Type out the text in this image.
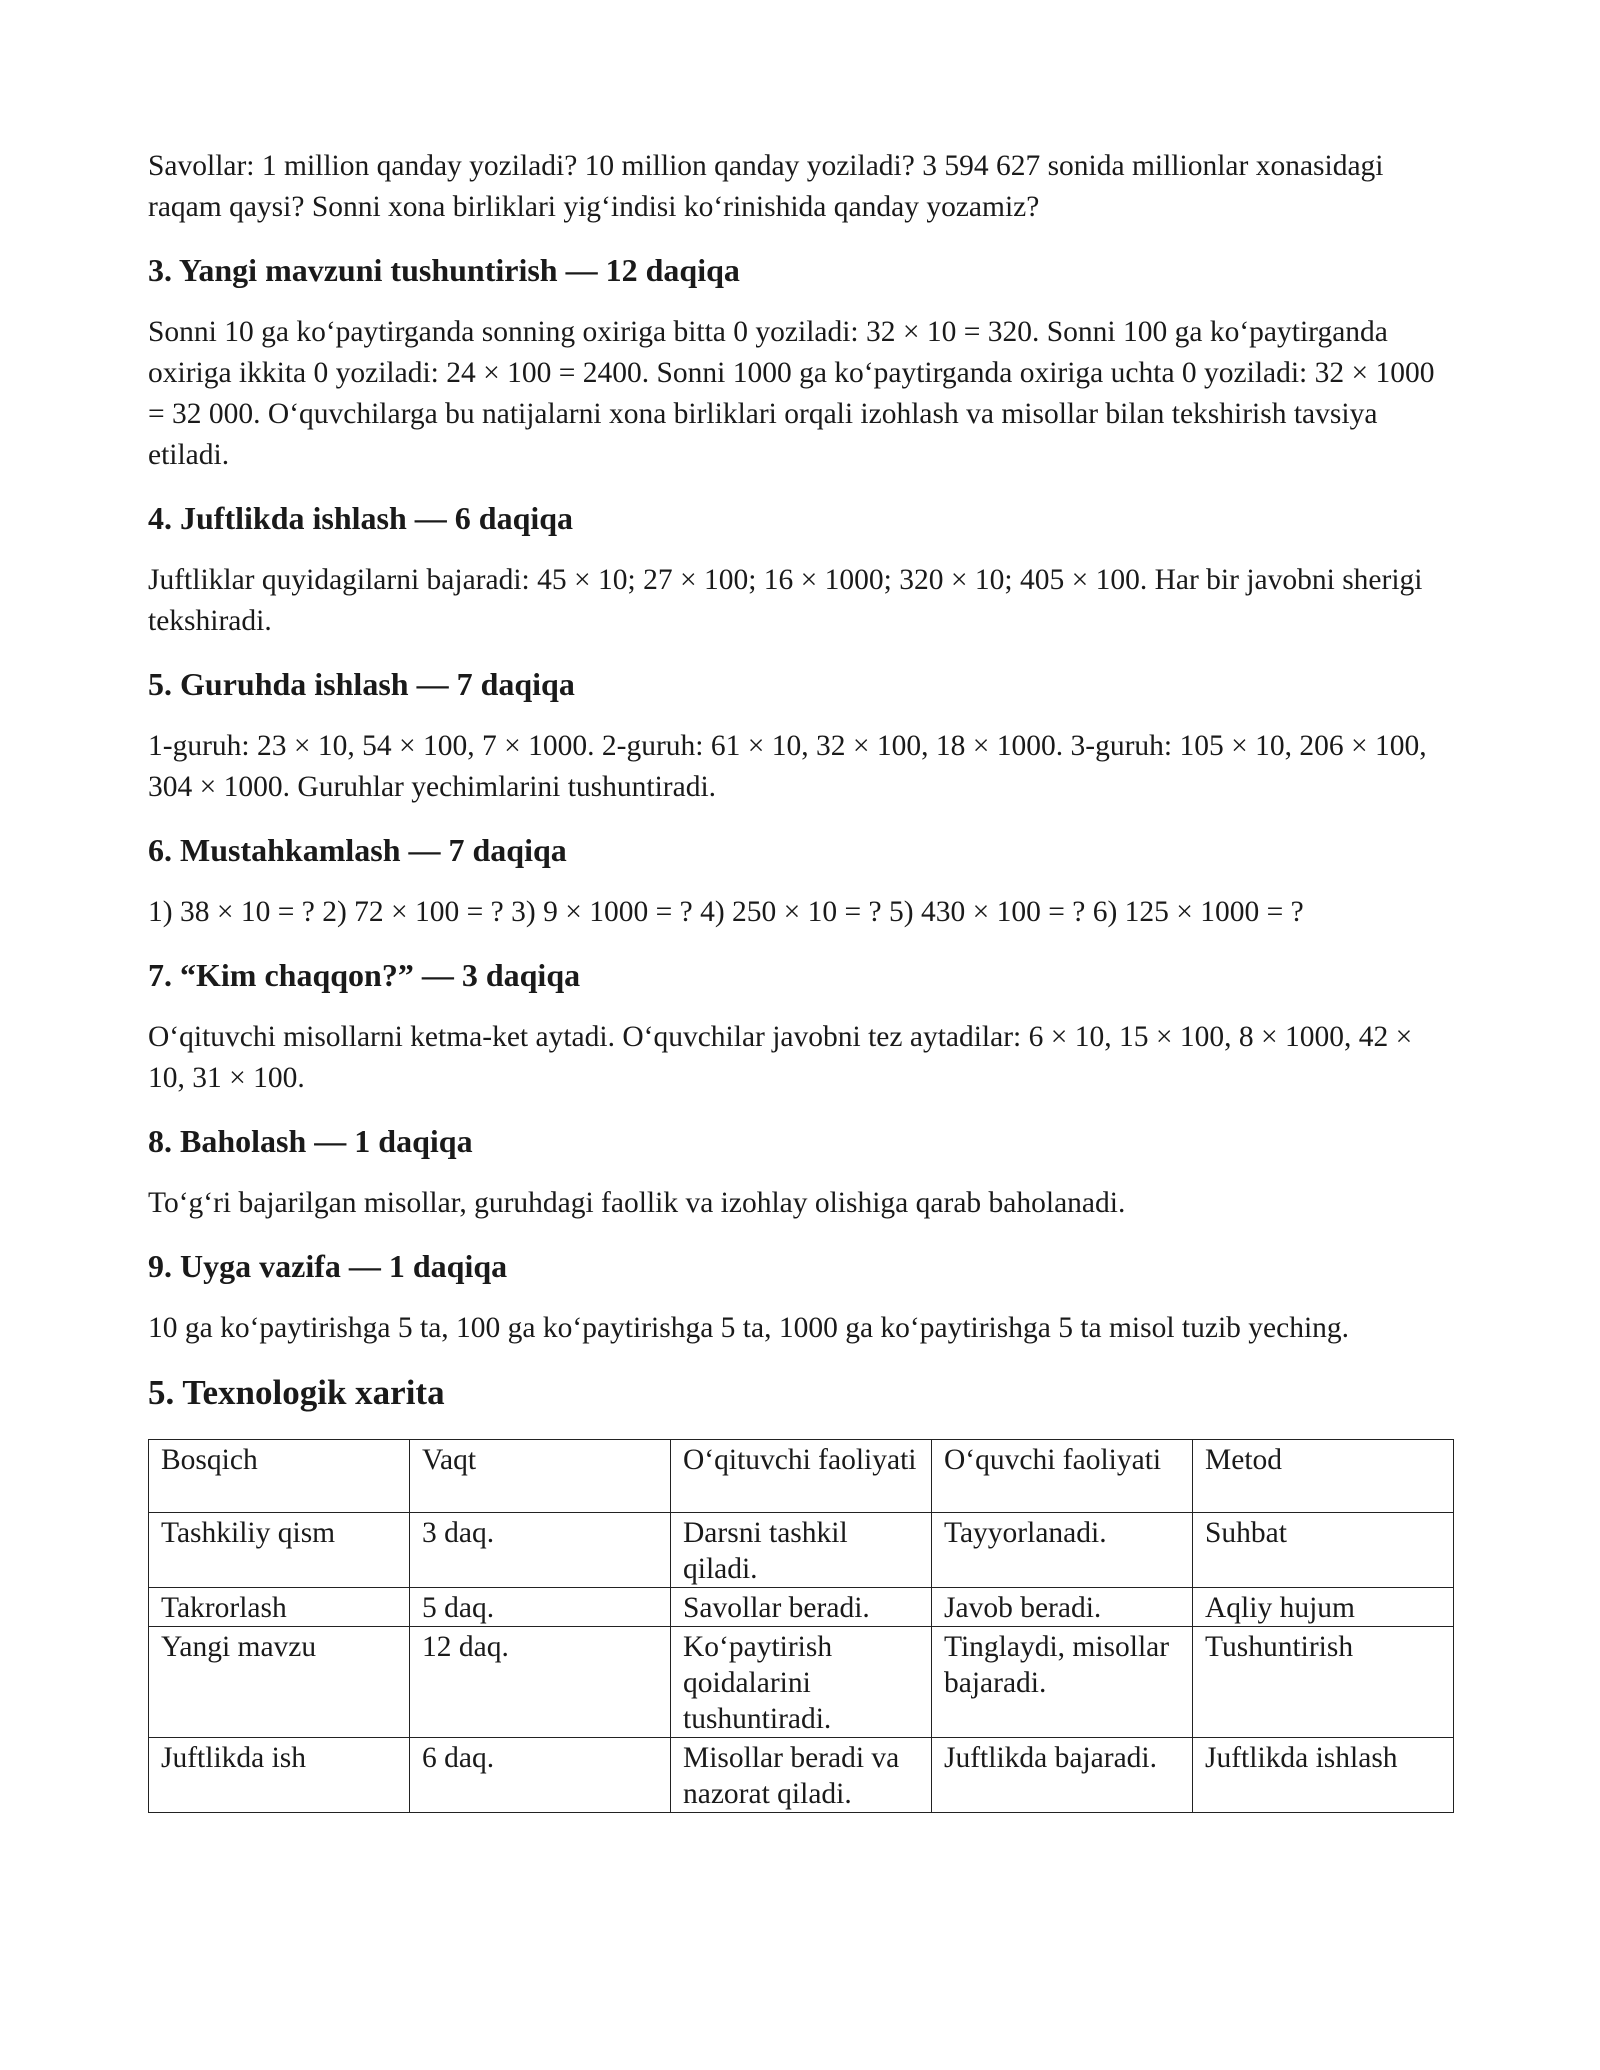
Savollar: 1 million qanday yoziladi? 10 million qanday yoziladi? 3 594 627 sonida millionlar xonasidagi raqam qaysi? Sonni xona birliklari yig‘indisi ko‘rinishida qanday yozamiz?

3. Yangi mavzuni tushuntirish — 12 daqiqa

Sonni 10 ga ko‘paytirganda sonning oxiriga bitta 0 yoziladi: 32 × 10 = 320. Sonni 100 ga ko‘paytirganda oxiriga ikkita 0 yoziladi: 24 × 100 = 2400. Sonni 1000 ga ko‘paytirganda oxiriga uchta 0 yoziladi: 32 × 1000 = 32 000. O‘quvchilarga bu natijalarni xona birliklari orqali izohlash va misollar bilan tekshirish tavsiya etiladi.

4. Juftlikda ishlash — 6 daqiqa

Juftliklar quyidagilarni bajaradi: 45 × 10; 27 × 100; 16 × 1000; 320 × 10; 405 × 100. Har bir javobni sherigi tekshiradi.

5. Guruhda ishlash — 7 daqiqa

1-guruh: 23 × 10, 54 × 100, 7 × 1000. 2-guruh: 61 × 10, 32 × 100, 18 × 1000. 3-guruh: 105 × 10, 206 × 100, 304 × 1000. Guruhlar yechimlarini tushuntiradi.

6. Mustahkamlash — 7 daqiqa

1) 38 × 10 = ? 2) 72 × 100 = ? 3) 9 × 1000 = ? 4) 250 × 10 = ? 5) 430 × 100 = ? 6) 125 × 1000 = ?

7. “Kim chaqqon?” — 3 daqiqa

O‘qituvchi misollarni ketma-ket aytadi. O‘quvchilar javobni tez aytadilar: 6 × 10, 15 × 100, 8 × 1000, 42 × 10, 31 × 100.

8. Baholash — 1 daqiqa

To‘g‘ri bajarilgan misollar, guruhdagi faollik va izohlay olishiga qarab baholanadi.

9. Uyga vazifa — 1 daqiqa

10 ga ko‘paytirishga 5 ta, 100 ga ko‘paytirishga 5 ta, 1000 ga ko‘paytirishga 5 ta misol tuzib yeching.

5. Texnologik xarita
Bosqich	Vaqt	O‘qituvchi faoliyati	O‘quvchi faoliyati	Metod
Tashkiliy qism	3 daq.	Darsni tashkil qiladi.	Tayyorlanadi.	Suhbat
Takrorlash	5 daq.	Savollar beradi.	Javob beradi.	Aqliy hujum
Yangi mavzu	12 daq.	Ko‘paytirish qoidalarini tushuntiradi.	Tinglaydi, misollar bajaradi.	Tushuntirish
Juftlikda ish	6 daq.	Misollar beradi va nazorat qiladi.	Juftlikda bajaradi.	Juftlikda ishlash
